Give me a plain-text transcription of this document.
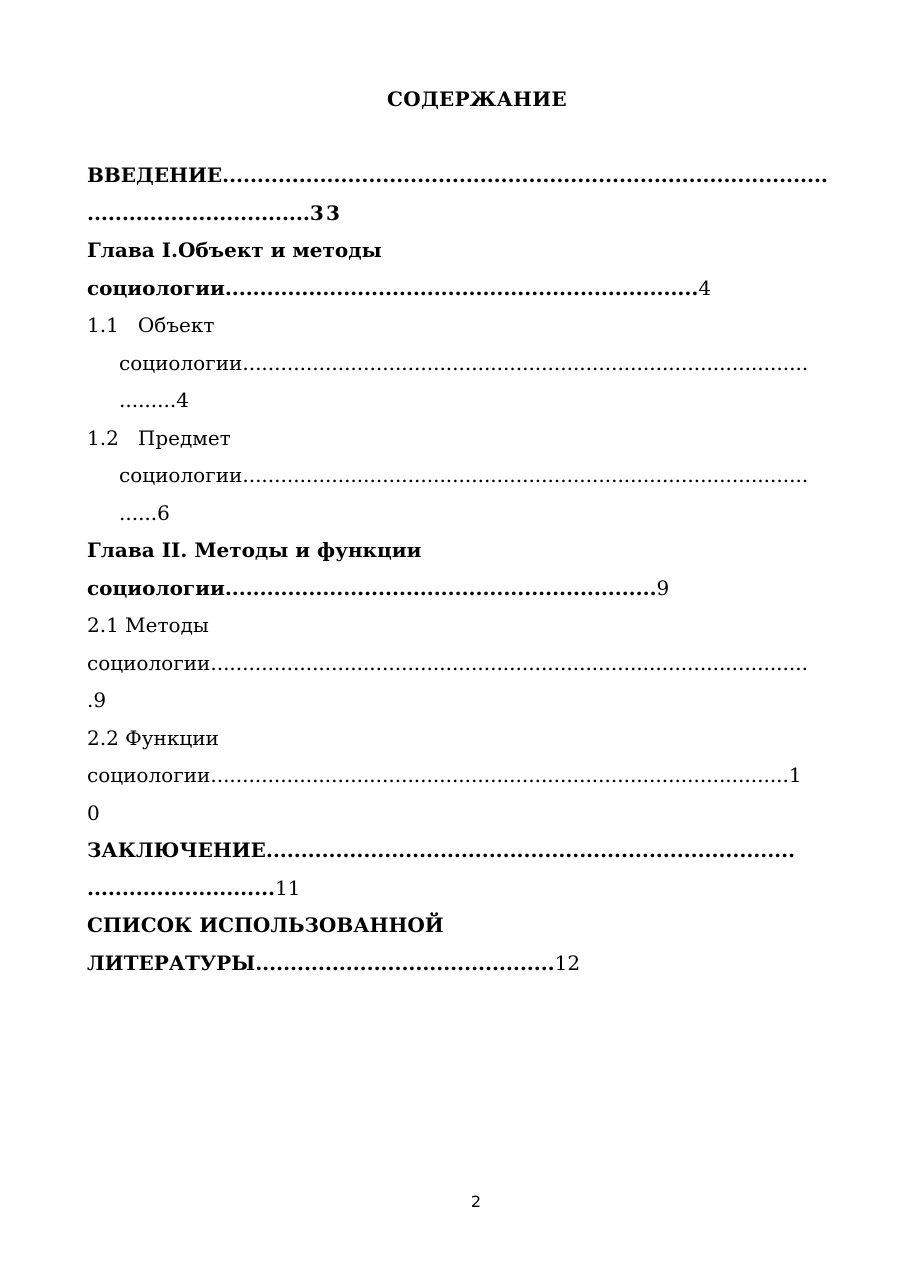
СОДЕРЖАНИЕ
ВВЕДЕНИЕ.......................................................................................
................................3 3
Глава I.Объект и методы
социологии....................................................................4
1.1   Объект
социологии.........................................................................................
.........4
1.2   Предмет
социологии.........................................................................................
......6
Глава II. Методы и функции
социологии..............................................................9
2.1 Методы
социологии..............................................................................................
.9
2.2 Функции
социологии...........................................................................................1
0
ЗАКЛЮЧЕНИЕ............................................................................
...........................11
СПИСОК ИСПОЛЬЗОВАННОЙ
ЛИТЕРАТУРЫ...........................................12
2
